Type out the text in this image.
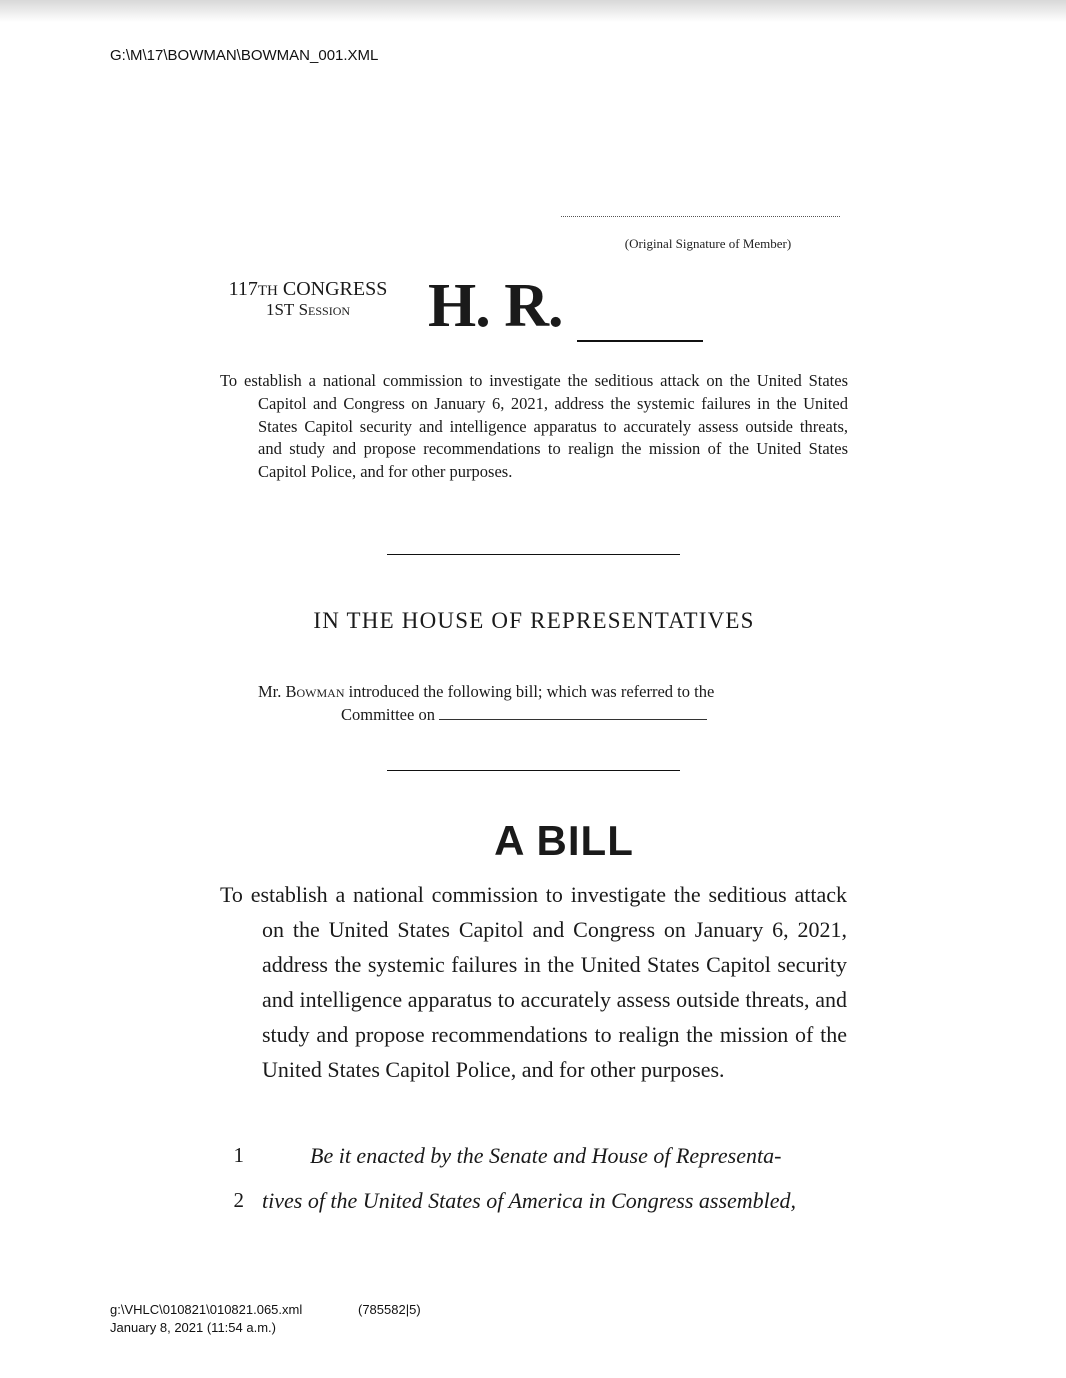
G:\M\17\BOWMAN\BOWMAN_001.XML
(Original Signature of Member)
117TH CONGRESS
1ST Session	H. R.
To establish a national commission to investigate the seditious attack on the United States Capitol and Congress on January 6, 2021, address the systemic failures in the United States Capitol security and intelligence apparatus to accurately assess outside threats, and study and propose recommendations to realign the mission of the United States Capitol Police, and for other purposes.
IN THE HOUSE OF REPRESENTATIVES
Mr. Bowman introduced the following bill; which was referred to the
Committee on
A BILL
To establish a national commission to investigate the seditious attack on the United States Capitol and Congress on January 6, 2021, address the systemic failures in the United States Capitol security and intelligence apparatus to accurately assess outside threats, and study and propose recommendations to realign the mission of the United States Capitol Police, and for other purposes.
1	Be it enacted by the Senate and House of Representa-
2 tives of the United States of America in Congress assembled,
g:\VHLC\010821\010821.065.xml	(785582|5)
January 8, 2021 (11:54 a.m.)
